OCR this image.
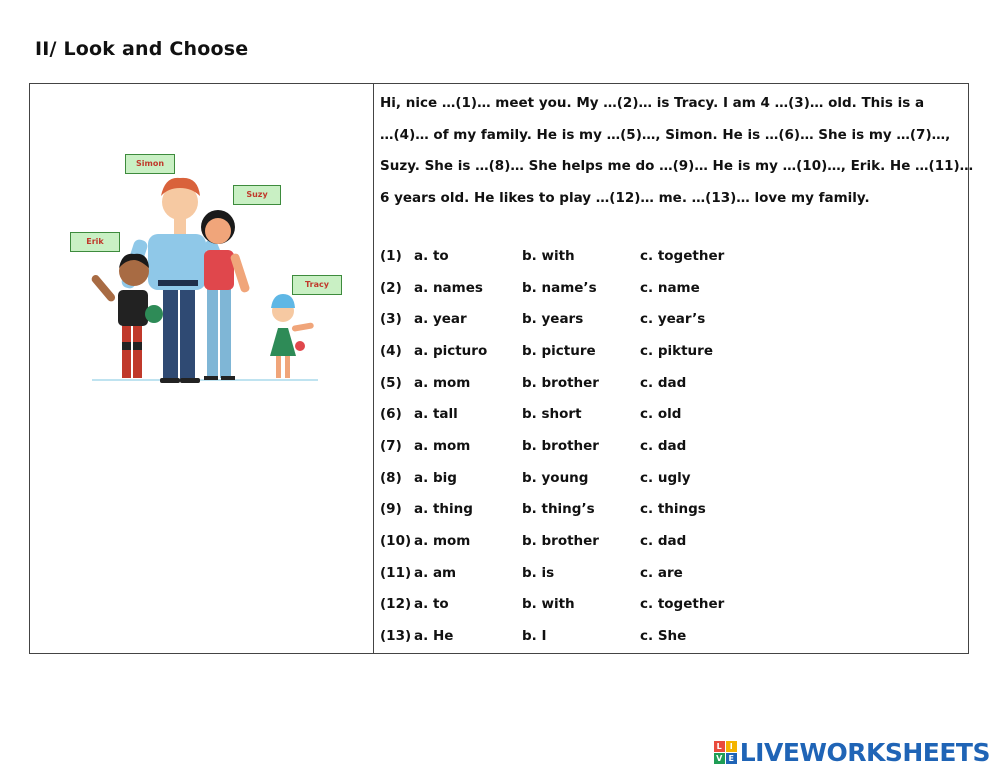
II/ Look and Choose
Simon
Suzy
Erik
Tracy
Hi, nice …(1)… meet you. My …(2)… is Tracy. I am 4 …(3)… old. This is a
…(4)… of my family. He is my …(5)…, Simon. He is …(6)… She is my …(7)…,
Suzy. She is …(8)… She helps me do …(9)… He is my …(10)…, Erik. He …(11)…
6 years old. He likes to play …(12)… me. …(13)… love my family.
(1) a. to	b. with	c. together
(2) a. names	b. name’s	c. name
(3) a. year	b. years	c. year’s
(4) a. picturo	b. picture	c. pikture
(5) a. mom	b. brother	c. dad
(6) a. tall	b. short	c. old
(7) a. mom	b. brother	c. dad
(8) a. big	b. young	c. ugly
(9) a. thing	b. thing’s	c. things
(10) a. mom	b. brother	c. dad
(11) a. am	b. is	c. are
(12) a. to	b. with	c. together
(13) a. He	b. I	c. She
L I
V E LIVEWORKSHEETS
